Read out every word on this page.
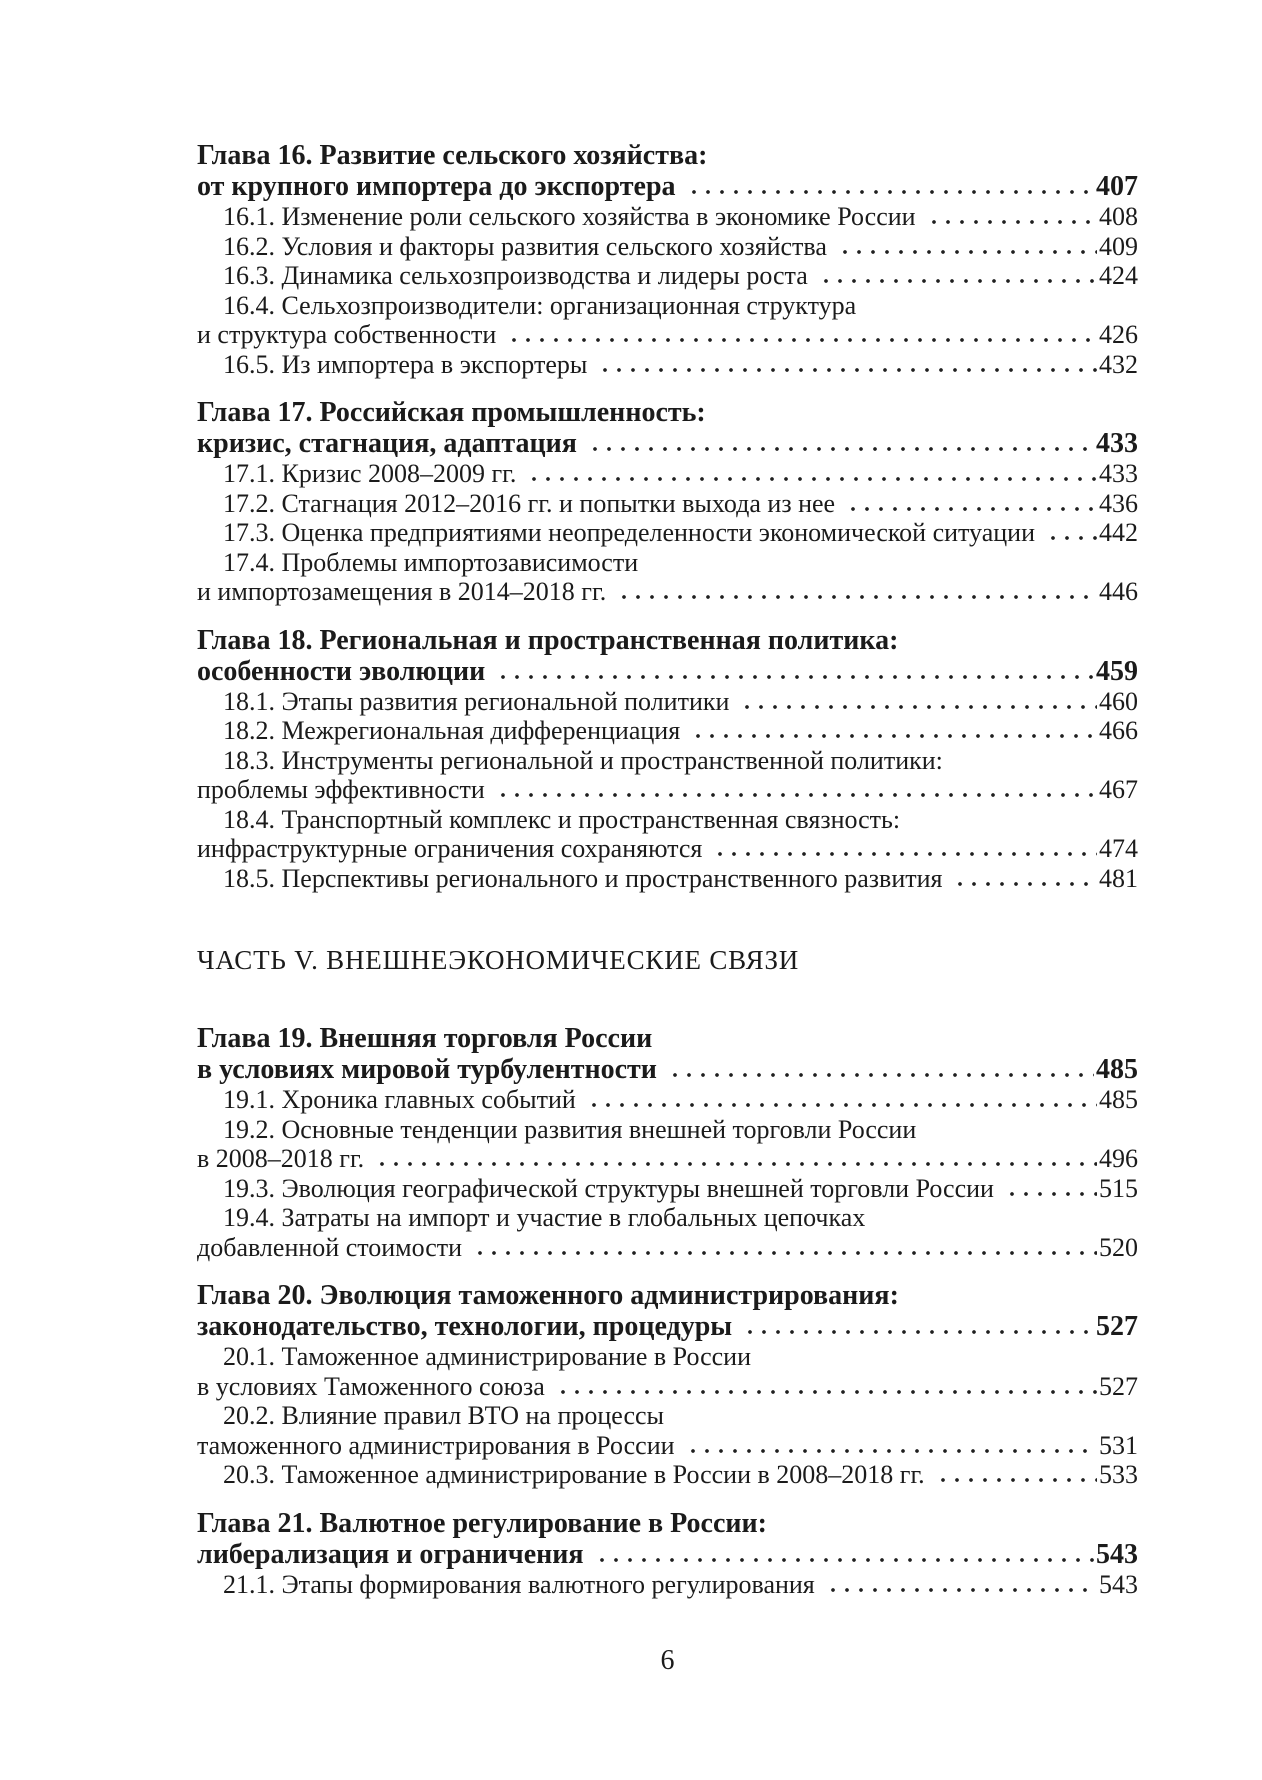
Глава 16. Развитие сельского хозяйства:
от крупного импортера до экспортера	407
16.1. Изменение роли сельского хозяйства в экономике России	408
16.2. Условия и факторы развития сельского хозяйства	409
16.3. Динамика сельхозпроизводства и лидеры роста	424
16.4. Сельхозпроизводители: организационная структура
и структура собственности	426
16.5. Из импортера в экспортеры	432
Глава 17. Российская промышленность:
кризис, стагнация, адаптация	433
17.1. Кризис 2008–2009 гг.	433
17.2. Стагнация 2012–2016 гг. и попытки выхода из нее	436
17.3. Оценка предприятиями неопределенности экономической ситуации 442
17.4. Проблемы импортозависимости
и импортозамещения в 2014–2018 гг.	446
Глава 18. Региональная и пространственная политика:
особенности эволюции	459
18.1. Этапы развития региональной политики	460
18.2. Межрегиональная дифференциация	466
18.3. Инструменты региональной и пространственной политики:
проблемы эффективности	467
18.4. Транспортный комплекс и пространственная связность:
инфраструктурные ограничения сохраняются	474
18.5. Перспективы регионального и пространственного развития	481
ЧАСТЬ V. ВНЕШНЕЭКОНОМИЧЕСКИЕ СВЯЗИ
Глава 19. Внешняя торговля России
в условиях мировой турбулентности	485
19.1. Хроника главных событий	485
19.2. Основные тенденции развития внешней торговли России
в 2008–2018 гг.	496
19.3. Эволюция географической структуры внешней торговли России	515
19.4. Затраты на импорт и участие в глобальных цепочках
добавленной стоимости	520
Глава 20. Эволюция таможенного администрирования:
законодательство, технологии, процедуры	527
20.1. Таможенное администрирование в России
в условиях Таможенного союза	527
20.2. Влияние правил ВТО на процессы
таможенного администрирования в России	531
20.3. Таможенное администрирование в России в 2008–2018 гг.	533
Глава 21. Валютное регулирование в России:
либерализация и ограничения	543
21.1. Этапы формирования валютного регулирования	543
6
